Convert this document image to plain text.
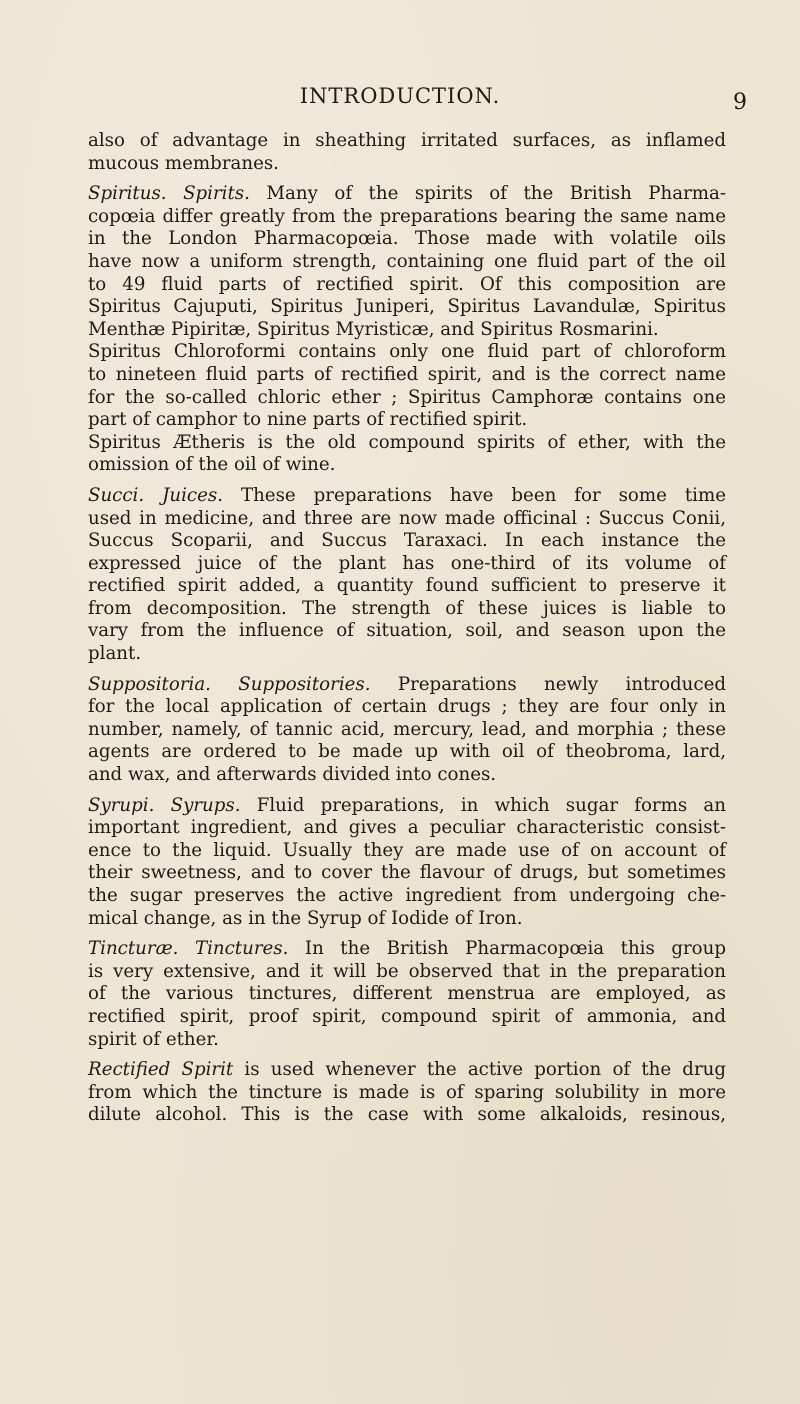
INTRODUCTION.	9
also of advantage in sheathing irritated surfaces, as inflamed
mucous membranes.
Spiritus. Spirits. Many of the spirits of the British Pharma-
copœia differ greatly from the preparations bearing the same name
in the London Pharmacopœia. Those made with volatile oils
have now a uniform strength, containing one fluid part of the oil
to 49 fluid parts of rectified spirit. Of this composition are
Spiritus Cajuputi, Spiritus Juniperi, Spiritus Lavandulæ, Spiritus
Menthæ Pipiritæ, Spiritus Myristicæ, and Spiritus Rosmarini.
Spiritus Chloroformi contains only one fluid part of chloroform
to nineteen fluid parts of rectified spirit, and is the correct name
for the so-called chloric ether ; Spiritus Camphoræ contains one
part of camphor to nine parts of rectified spirit.
Spiritus Ætheris is the old compound spirits of ether, with the
omission of the oil of wine.
Succi. Juices. These preparations have been for some time
used in medicine, and three are now made officinal : Succus Conii,
Succus Scoparii, and Succus Taraxaci. In each instance the
expressed juice of the plant has one-third of its volume of
rectified spirit added, a quantity found sufficient to preserve it
from decomposition. The strength of these juices is liable to
vary from the influence of situation, soil, and season upon the
plant.
Suppositoria. Suppositories. Preparations newly introduced
for the local application of certain drugs ; they are four only in
number, namely, of tannic acid, mercury, lead, and morphia ; these
agents are ordered to be made up with oil of theobroma, lard,
and wax, and afterwards divided into cones.
Syrupi. Syrups. Fluid preparations, in which sugar forms an
important ingredient, and gives a peculiar characteristic consist-
ence to the liquid. Usually they are made use of on account of
their sweetness, and to cover the flavour of drugs, but sometimes
the sugar preserves the active ingredient from undergoing che-
mical change, as in the Syrup of Iodide of Iron.
Tincturæ. Tinctures. In the British Pharmacopœia this group
is very extensive, and it will be observed that in the preparation
of the various tinctures, different menstrua are employed, as
rectified spirit, proof spirit, compound spirit of ammonia, and
spirit of ether.
Rectified Spirit is used whenever the active portion of the drug
from which the tincture is made is of sparing solubility in more
dilute alcohol. This is the case with some alkaloids, resinous,
